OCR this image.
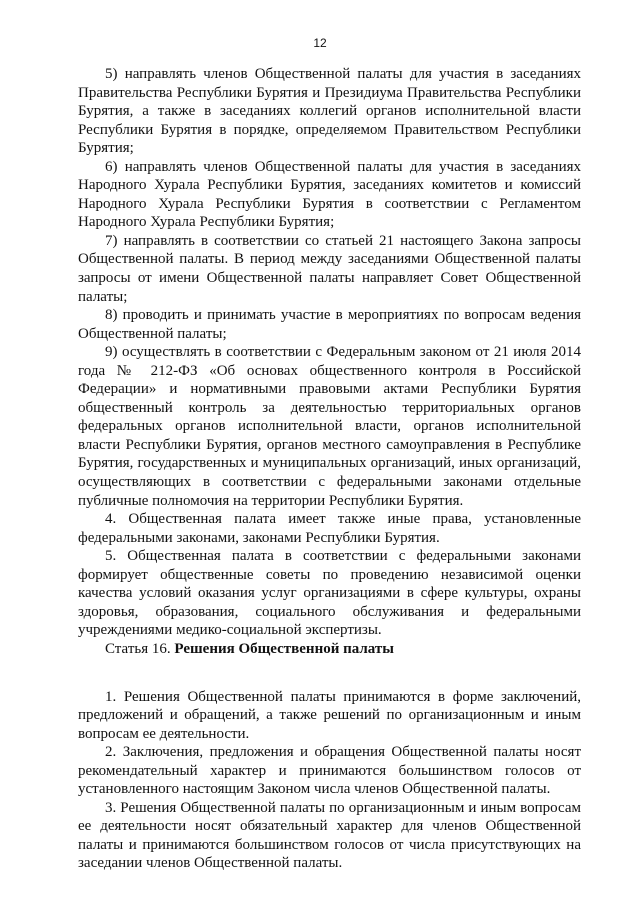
12

5) направлять членов Общественной палаты для участия в заседаниях Правительства Республики Бурятия и Президиума Правительства Республики Бурятия, а также в заседаниях коллегий органов исполнительной власти Республики Бурятия в порядке, определяемом Правительством Республики Бурятия;

6) направлять членов Общественной палаты для участия в заседаниях Народного Хурала Республики Бурятия, заседаниях комитетов и комиссий Народного Хурала Республики Бурятия в соответствии с Регламентом Народного Хурала Республики Бурятия;

7) направлять в соответствии со статьей 21 настоящего Закона запросы Общественной палаты. В период между заседаниями Общественной палаты запросы от имени Общественной палаты направляет Совет Общественной палаты;

8) проводить и принимать участие в мероприятиях по вопросам ведения Общественной палаты;

9) осуществлять в соответствии с Федеральным законом от 21 июля 2014 года № 212-ФЗ «Об основах общественного контроля в Российской Федерации» и нормативными правовыми актами Республики Бурятия общественный контроль за деятельностью территориальных органов федеральных органов исполнительной власти, органов исполнительной власти Республики Бурятия, органов местного самоуправления в Республике Бурятия, государственных и муниципальных организаций, иных организаций, осуществляющих в соответствии с федеральными законами отдельные публичные полномочия на территории Республики Бурятия.

4. Общественная палата имеет также иные права, установленные федеральными законами, законами Республики Бурятия.

5. Общественная палата в соответствии с федеральными законами формирует общественные советы по проведению независимой оценки качества условий оказания услуг организациями в сфере культуры, охраны здоровья, образования, социального обслуживания и федеральными учреждениями медико-социальной экспертизы.

Статья 16. Решения Общественной палаты

1. Решения Общественной палаты принимаются в форме заключений, предложений и обращений, а также решений по организационным и иным вопросам ее деятельности.

2. Заключения, предложения и обращения Общественной палаты носят рекомендательный характер и принимаются большинством голосов от установленного настоящим Законом числа членов Общественной палаты.

3. Решения Общественной палаты по организационным и иным вопросам ее деятельности носят обязательный характер для членов Общественной палаты и принимаются большинством голосов от числа присутствующих на заседании членов Общественной палаты.
